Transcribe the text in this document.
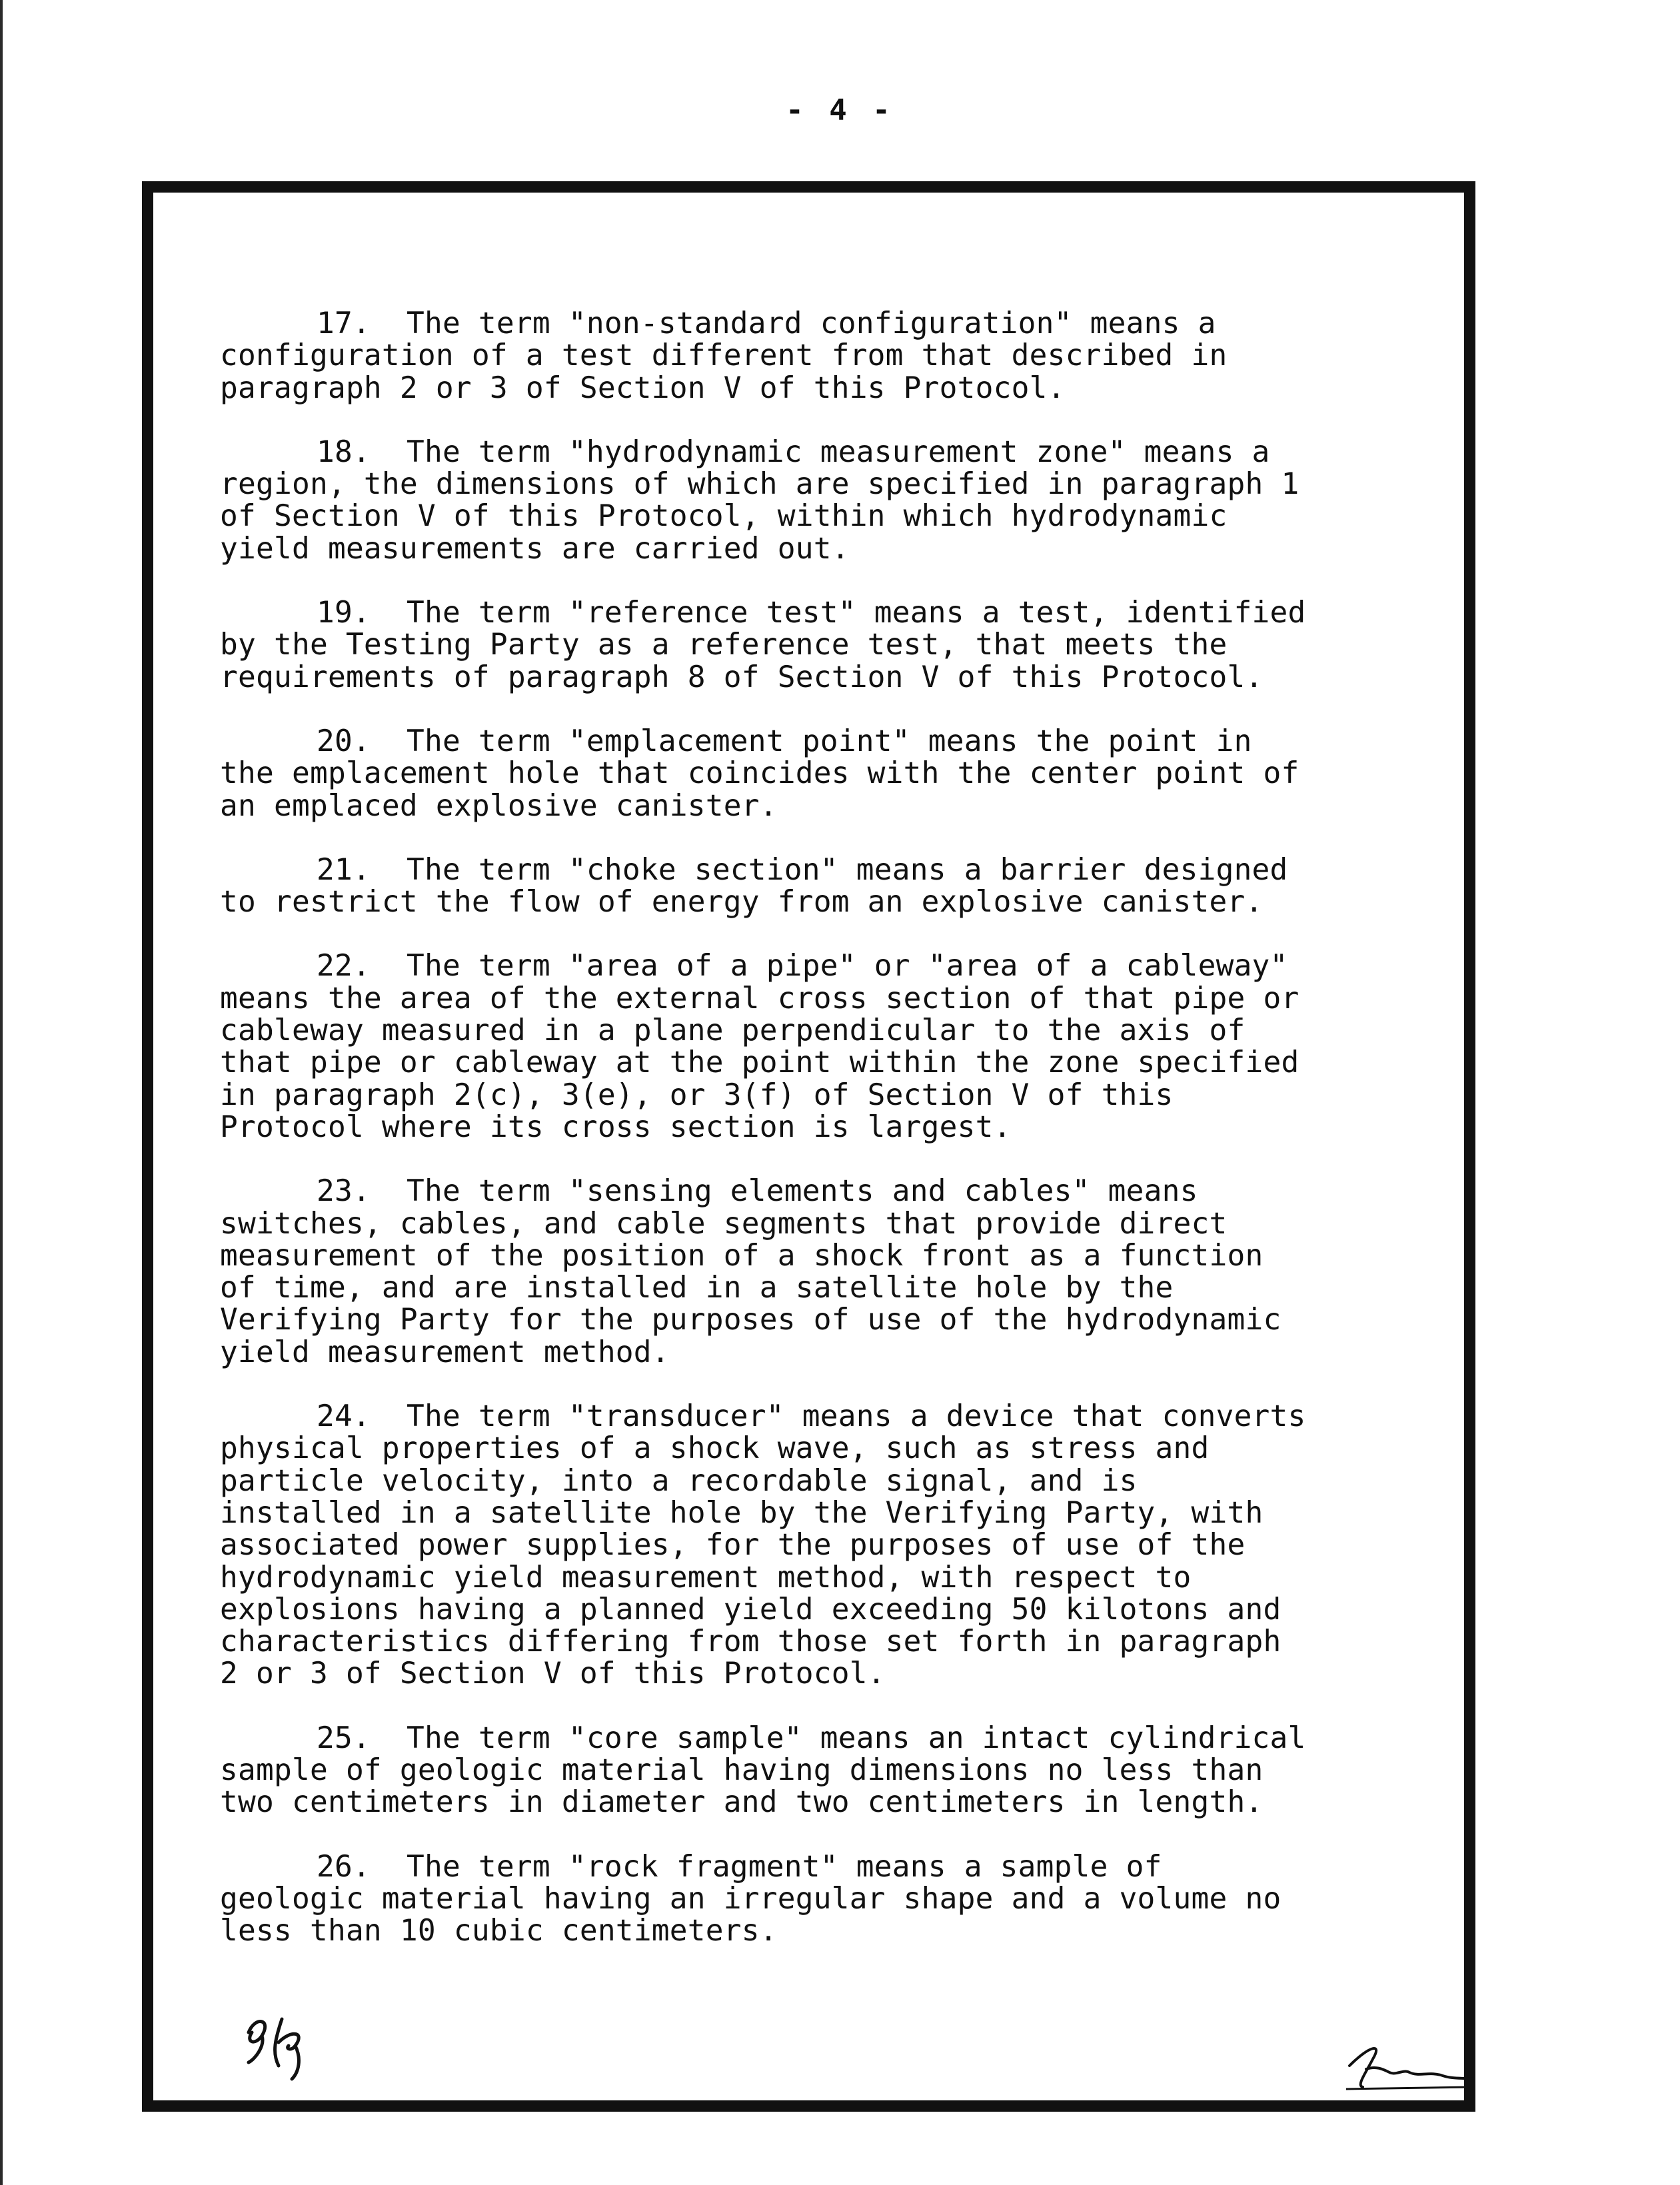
- 4 -
17. The term "non-standard configuration" means a
configuration of a test different from that described in
paragraph 2 or 3 of Section V of this Protocol.
18. The term "hydrodynamic measurement zone" means a
region, the dimensions of which are specified in paragraph 1
of Section V of this Protocol, within which hydrodynamic
yield measurements are carried out.
19. The term "reference test" means a test, identified
by the Testing Party as a reference test, that meets the
requirements of paragraph 8 of Section V of this Protocol.
20. The term "emplacement point" means the point in
the emplacement hole that coincides with the center point of
an emplaced explosive canister.
21. The term "choke section" means a barrier designed
to restrict the flow of energy from an explosive canister.
22. The term "area of a pipe" or "area of a cableway"
means the area of the external cross section of that pipe or
cableway measured in a plane perpendicular to the axis of
that pipe or cableway at the point within the zone specified
in paragraph 2(c), 3(e), or 3(f) of Section V of this
Protocol where its cross section is largest.
23. The term "sensing elements and cables" means
switches, cables, and cable segments that provide direct
measurement of the position of a shock front as a function
of time, and are installed in a satellite hole by the
Verifying Party for the purposes of use of the hydrodynamic
yield measurement method.
24. The term "transducer" means a device that converts
physical properties of a shock wave, such as stress and
particle velocity, into a recordable signal, and is
installed in a satellite hole by the Verifying Party, with
associated power supplies, for the purposes of use of the
hydrodynamic yield measurement method, with respect to
explosions having a planned yield exceeding 50 kilotons and
characteristics differing from those set forth in paragraph
2 or 3 of Section V of this Protocol.
25. The term "core sample" means an intact cylindrical
sample of geologic material having dimensions no less than
two centimeters in diameter and two centimeters in length.
26. The term "rock fragment" means a sample of
geologic material having an irregular shape and a volume no
less than 10 cubic centimeters.
